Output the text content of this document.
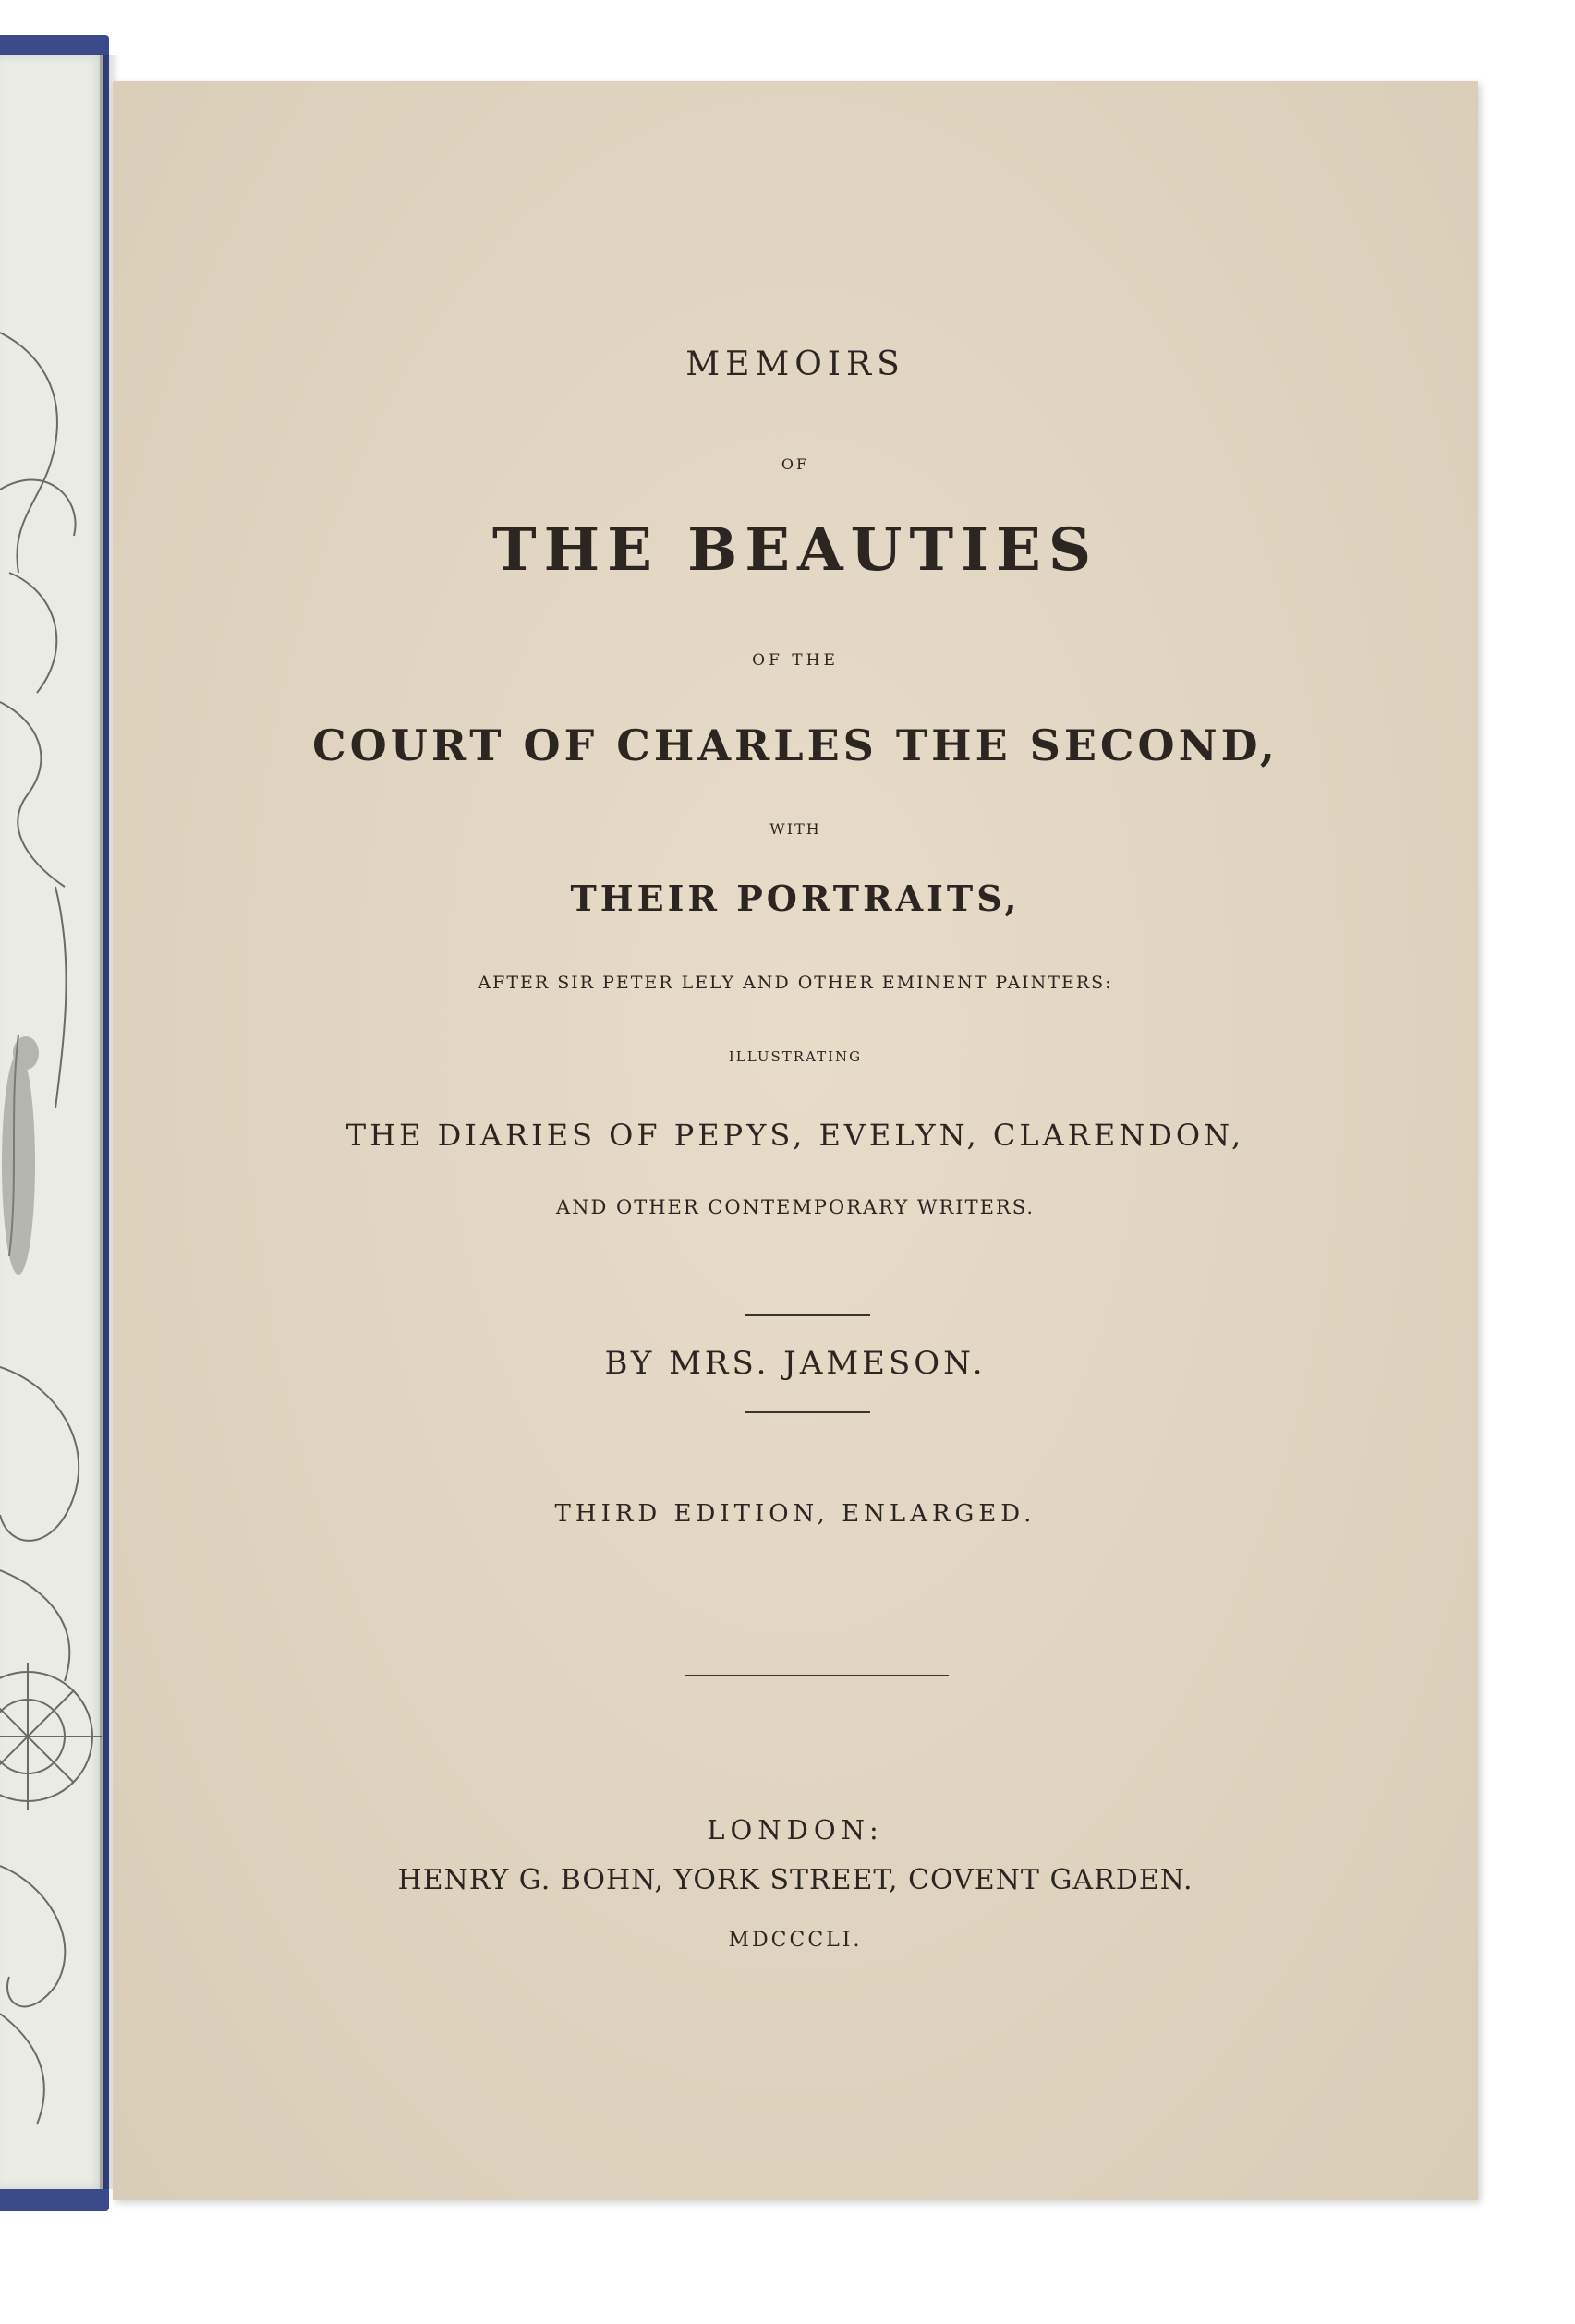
MEMOIRS
OF
THE BEAUTIES
OF THE
COURT OF CHARLES THE SECOND,
WITH
THEIR PORTRAITS,
AFTER SIR PETER LELY AND OTHER EMINENT PAINTERS:
ILLUSTRATING
THE DIARIES OF PEPYS, EVELYN, CLARENDON,
AND OTHER CONTEMPORARY WRITERS.
BY MRS. JAMESON.
THIRD EDITION, ENLARGED.
LONDON:
HENRY G. BOHN, YORK STREET, COVENT GARDEN.
MDCCCLI.
